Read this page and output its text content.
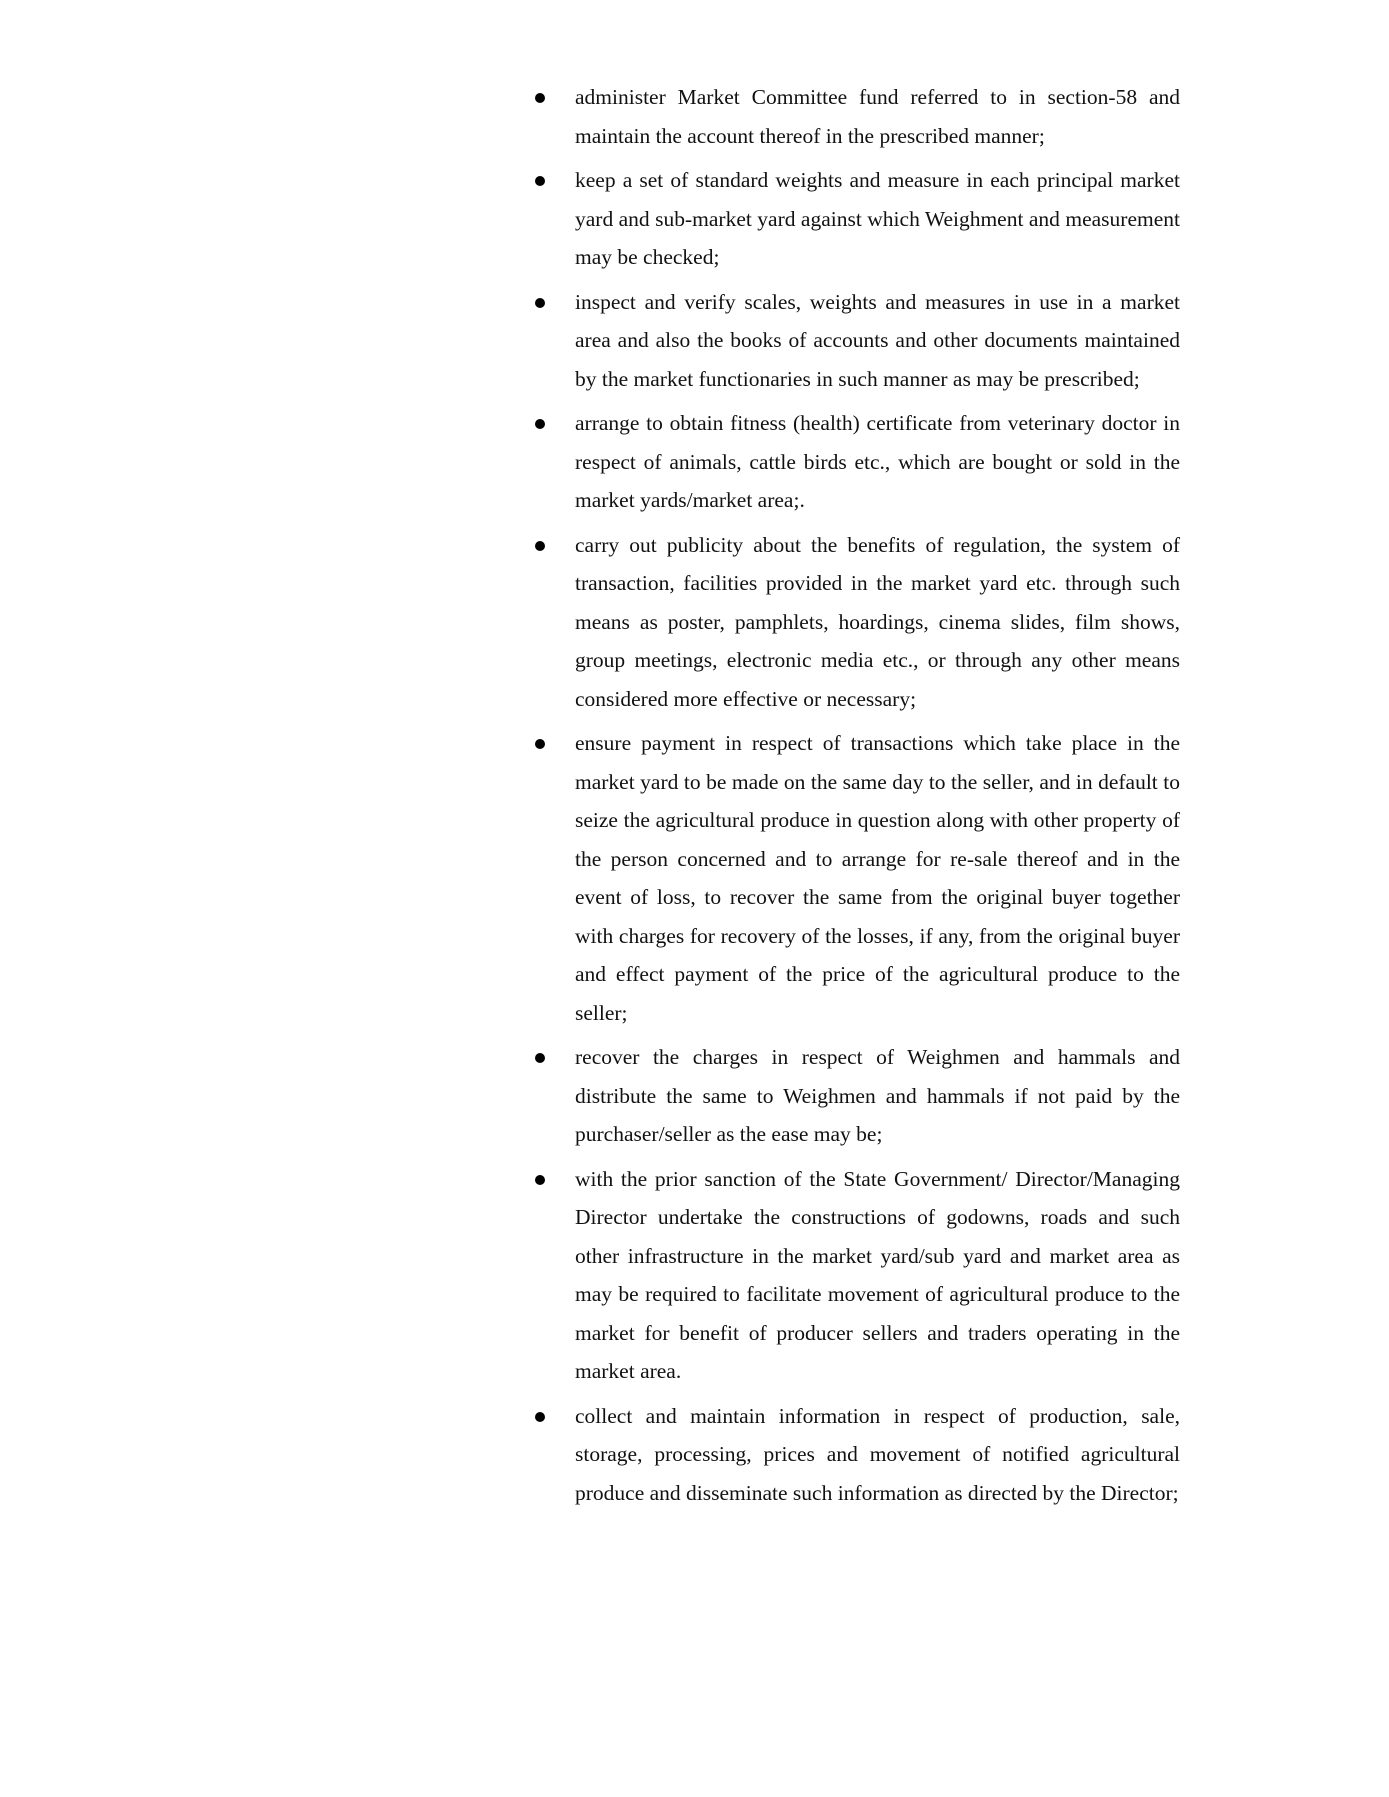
administer Market Committee fund referred to in section-58 and maintain the account thereof in the prescribed manner;
keep a set of standard weights and measure in each principal market yard and sub-market yard against which Weighment and measurement may be checked;
inspect and verify scales, weights and measures in use in a market area and also the books of accounts and other documents maintained by the market functionaries in such manner as may be prescribed;
arrange to obtain fitness (health) certificate from veterinary doctor in respect of animals, cattle birds etc., which are bought or sold in the market yards/market area;.
carry out publicity about the benefits of regulation, the system of transaction, facilities provided in the market yard etc. through such means as poster, pamphlets, hoardings, cinema slides, film shows, group meetings, electronic media etc., or through any other means considered more effective or necessary;
ensure payment in respect of transactions which take place in the market yard to be made on the same day to the seller, and in default to seize the agricultural produce in question along with other property of the person concerned and to arrange for re-sale thereof and in the event of loss, to recover the same from the original buyer together with charges for recovery of the losses, if any, from the original buyer and effect payment of the price of the agricultural produce to the seller;
recover the charges in respect of Weighmen and hammals and distribute the same to Weighmen and hammals if not paid by the purchaser/seller as the ease may be;
with the prior sanction of the State Government/ Director/Managing Director undertake the constructions of godowns, roads and such other infrastructure in the market yard/sub yard and market area as may be required to facilitate movement of agricultural produce to the market for benefit of producer sellers and traders operating in the market area.
collect and maintain information in respect of production, sale, storage, processing, prices and movement of notified agricultural produce and disseminate such information as directed by the Director;
